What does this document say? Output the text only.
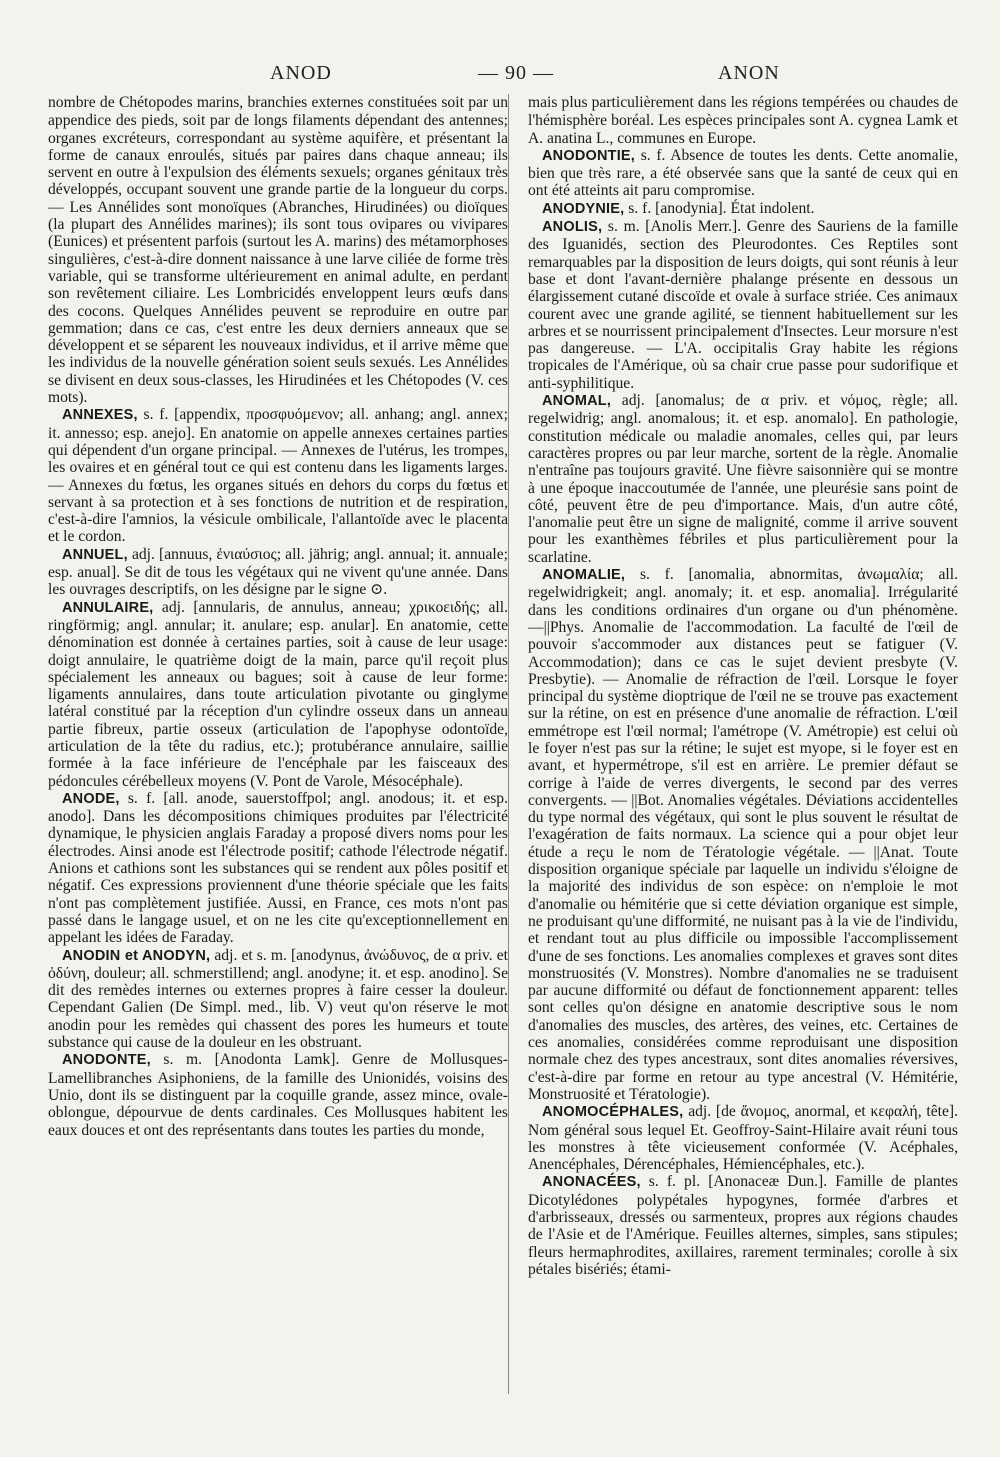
ANOD	— 90 —	ANON

nombre de Chétopodes marins, branchies externes constituées soit par un appendice des pieds, soit par de longs filaments dépendant des antennes; organes excréteurs, correspondant au système aquifère, et présentant la forme de canaux enroulés, situés par paires dans chaque anneau; ils servent en outre à l'expulsion des éléments sexuels; organes génitaux très développés, occupant souvent une grande partie de la longueur du corps. — Les Annélides sont monoïques (Abranches, Hirudinées) ou dioïques (la plupart des Annélides marines); ils sont tous ovipares ou vivipares (Eunices) et présentent parfois (surtout les A. marins) des métamorphoses singulières, c'est-à-dire donnent naissance à une larve ciliée de forme très variable, qui se transforme ultérieurement en animal adulte, en perdant son revêtement ciliaire. Les Lombricidés enveloppent leurs œufs dans des cocons. Quelques Annélides peuvent se reproduire en outre par gemmation; dans ce cas, c'est entre les deux derniers anneaux que se développent et se séparent les nouveaux individus, et il arrive même que les individus de la nouvelle génération soient seuls sexués. Les Annélides se divisent en deux sous-classes, les Hirudinées et les Chétopodes (V. ces mots).

ANNEXES, s. f. [appendix, προσφυόμενον; all. anhang; angl. annex; it. annesso; esp. anejo]. En anatomie on appelle annexes certaines parties qui dépendent d'un organe principal. — Annexes de l'utérus, les trompes, les ovaires et en général tout ce qui est contenu dans les ligaments larges. — Annexes du fœtus, les organes situés en dehors du corps du fœtus et servant à sa protection et à ses fonctions de nutrition et de respiration, c'est-à-dire l'amnios, la vésicule ombilicale, l'allantoïde avec le placenta et le cordon.

ANNUEL, adj. [annuus, ἐνιαύσιος; all. jährig; angl. annual; it. annuale; esp. anual]. Se dit de tous les végétaux qui ne vivent qu'une année. Dans les ouvrages descriptifs, on les désigne par le signe ⊙.

ANNULAIRE, adj. [annularis, de annulus, anneau; χρικοειδής; all. ringförmig; angl. annular; it. anulare; esp. anular]. En anatomie, cette dénomination est donnée à certaines parties, soit à cause de leur usage: doigt annulaire, le quatrième doigt de la main, parce qu'il reçoit plus spécialement les anneaux ou bagues; soit à cause de leur forme: ligaments annulaires, dans toute articulation pivotante ou ginglyme latéral constitué par la réception d'un cylindre osseux dans un anneau partie fibreux, partie osseux (articulation de l'apophyse odontoïde, articulation de la tête du radius, etc.); protubérance annulaire, saillie formée à la face inférieure de l'encéphale par les faisceaux des pédoncules cérébelleux moyens (V. Pont de Varole, Mésocéphale).

ANODE, s. f. [all. anode, sauerstoffpol; angl. anodous; it. et esp. anodo]. Dans les décompositions chimiques produites par l'électricité dynamique, le physicien anglais Faraday a proposé divers noms pour les électrodes. Ainsi anode est l'électrode positif; cathode l'électrode négatif. Anions et cathions sont les substances qui se rendent aux pôles positif et négatif. Ces expressions proviennent d'une théorie spéciale que les faits n'ont pas complètement justifiée. Aussi, en France, ces mots n'ont pas passé dans le langage usuel, et on ne les cite qu'exceptionnellement en appelant les idées de Faraday.

ANODIN et ANODYN, adj. et s. m. [anodynus, ἀνώδυνος, de α priv. et ὀδύνη, douleur; all. schmerstillend; angl. anodyne; it. et esp. anodino]. Se dit des remèdes internes ou externes propres à faire cesser la douleur. Cependant Galien (De Simpl. med., lib. V) veut qu'on réserve le mot anodin pour les remèdes qui chassent des pores les humeurs et toute substance qui cause de la douleur en les obstruant.

ANODONTE, s. m. [Anodonta Lamk]. Genre de Mollusques-Lamellibranches Asiphoniens, de la famille des Unionidés, voisins des Unio, dont ils se distinguent par la coquille grande, assez mince, ovale-oblongue, dépourvue de dents cardinales. Ces Mollusques habitent les eaux douces et ont des représentants dans toutes les parties du monde,

mais plus particulièrement dans les régions tempérées ou chaudes de l'hémisphère boréal. Les espèces principales sont A. cygnea Lamk et A. anatina L., communes en Europe.

ANODONTIE, s. f. Absence de toutes les dents. Cette anomalie, bien que très rare, a été observée sans que la santé de ceux qui en ont été atteints ait paru compromise.

ANODYNIE, s. f. [anodynia]. État indolent.

ANOLIS, s. m. [Anolis Merr.]. Genre des Sauriens de la famille des Iguanidés, section des Pleurodontes. Ces Reptiles sont remarquables par la disposition de leurs doigts, qui sont réunis à leur base et dont l'avant-dernière phalange présente en dessous un élargissement cutané discoïde et ovale à surface striée. Ces animaux courent avec une grande agilité, se tiennent habituellement sur les arbres et se nourrissent principalement d'Insectes. Leur morsure n'est pas dangereuse. — L'A. occipitalis Gray habite les régions tropicales de l'Amérique, où sa chair crue passe pour sudorifique et anti-syphilitique.

ANOMAL, adj. [anomalus; de α priv. et νόμος, règle; all. regelwidrig; angl. anomalous; it. et esp. anomalo]. En pathologie, constitution médicale ou maladie anomales, celles qui, par leurs caractères propres ou par leur marche, sortent de la règle. Anomalie n'entraîne pas toujours gravité. Une fièvre saisonnière qui se montre à une époque inaccoutumée de l'année, une pleurésie sans point de côté, peuvent être de peu d'importance. Mais, d'un autre côté, l'anomalie peut être un signe de malignité, comme il arrive souvent pour les exanthèmes fébriles et plus particulièrement pour la scarlatine.

ANOMALIE, s. f. [anomalia, abnormitas, ἀνωμαλία; all. regelwidrigkeit; angl. anomaly; it. et esp. anomalia]. Irrégularité dans les conditions ordinaires d'un organe ou d'un phénomène.—||Phys. Anomalie de l'accommodation. La faculté de l'œil de pouvoir s'accommoder aux distances peut se fatiguer (V. Accommodation); dans ce cas le sujet devient presbyte (V. Presbytie). — Anomalie de réfraction de l'œil. Lorsque le foyer principal du système dioptrique de l'œil ne se trouve pas exactement sur la rétine, on est en présence d'une anomalie de réfraction. L'œil emmétrope est l'œil normal; l'amétrope (V. Amétropie) est celui où le foyer n'est pas sur la rétine; le sujet est myope, si le foyer est en avant, et hypermétrope, s'il est en arrière. Le premier défaut se corrige à l'aide de verres divergents, le second par des verres convergents. — ||Bot. Anomalies végétales. Déviations accidentelles du type normal des végétaux, qui sont le plus souvent le résultat de l'exagération de faits normaux. La science qui a pour objet leur étude a reçu le nom de Tératologie végétale. — ||Anat. Toute disposition organique spéciale par laquelle un individu s'éloigne de la majorité des individus de son espèce: on n'emploie le mot d'anomalie ou hémitérie que si cette déviation organique est simple, ne produisant qu'une difformité, ne nuisant pas à la vie de l'individu, et rendant tout au plus difficile ou impossible l'accomplissement d'une de ses fonctions. Les anomalies complexes et graves sont dites monstruosités (V. Monstres). Nombre d'anomalies ne se traduisent par aucune difformité ou défaut de fonctionnement apparent: telles sont celles qu'on désigne en anatomie descriptive sous le nom d'anomalies des muscles, des artères, des veines, etc. Certaines de ces anomalies, considérées comme reproduisant une disposition normale chez des types ancestraux, sont dites anomalies réversives, c'est-à-dire par forme en retour au type ancestral (V. Hémitérie, Monstruosité et Tératologie).

ANOMOCÉPHALES, adj. [de ἄνομος, anormal, et κεφαλή, tête]. Nom général sous lequel Et. Geoffroy-Saint-Hilaire avait réuni tous les monstres à tête vicieusement conformée (V. Acéphales, Anencéphales, Dérencéphales, Hémiencéphales, etc.).

ANONACÉES, s. f. pl. [Anonaceæ Dun.]. Famille de plantes Dicotylédones polypétales hypogynes, formée d'arbres et d'arbrisseaux, dressés ou sarmenteux, propres aux régions chaudes de l'Asie et de l'Amérique. Feuilles alternes, simples, sans stipules; fleurs hermaphrodites, axillaires, rarement terminales; corolle à six pétales bisériés; étami-
